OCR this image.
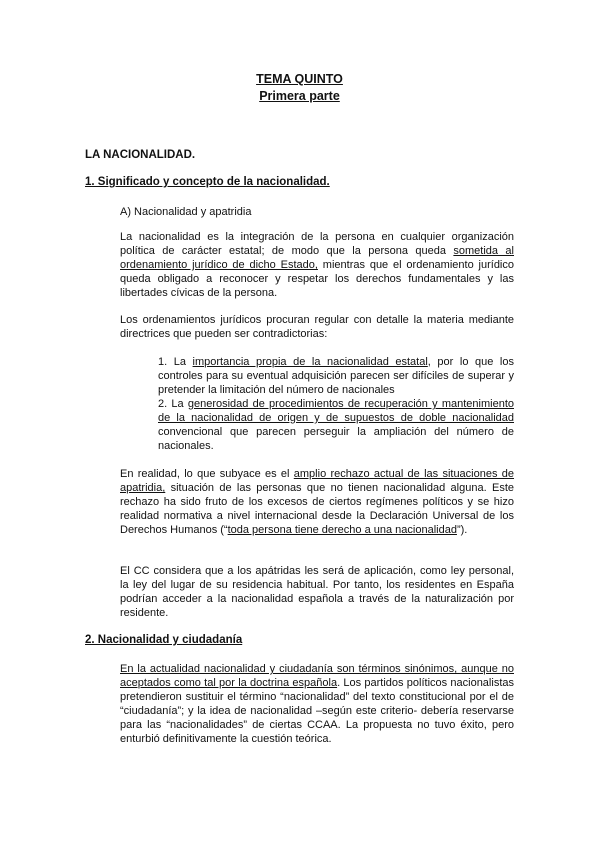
TEMA QUINTO
Primera parte
LA NACIONALIDAD.
1. Significado y concepto de la nacionalidad.
A) Nacionalidad y apatridia

La nacionalidad es la integración de la persona en cualquier organización política de carácter estatal; de modo que la persona queda sometida al ordenamiento jurídico de dicho Estado, mientras que el ordenamiento jurídico queda obligado a reconocer y respetar los derechos fundamentales y las libertades cívicas de la persona.

Los ordenamientos jurídicos procuran regular con detalle la materia mediante directrices que pueden ser contradictorias:

1. La importancia propia de la nacionalidad estatal, por lo que los controles para su eventual adquisición parecen ser difíciles de superar y pretender la limitación del número de nacionales

2. La generosidad de procedimientos de recuperación y mantenimiento de la nacionalidad de origen y de supuestos de doble nacionalidad convencional que parecen perseguir la ampliación del número de nacionales.

En realidad, lo que subyace es el amplio rechazo actual de las situaciones de apatridia, situación de las personas que no tienen nacionalidad alguna. Este rechazo ha sido fruto de los excesos de ciertos regímenes políticos y se hizo realidad normativa a nivel internacional desde la Declaración Universal de los Derechos Humanos (“toda persona tiene derecho a una nacionalidad”).

El CC considera que a los apátridas les será de aplicación, como ley personal, la ley del lugar de su residencia habitual. Por tanto, los residentes en España podrían acceder a la nacionalidad española a través de la naturalización por residente.

2. Nacionalidad y ciudadanía

En la actualidad nacionalidad y ciudadanía son términos sinónimos, aunque no aceptados como tal por la doctrina española. Los partidos políticos nacionalistas pretendieron sustituir el término “nacionalidad” del texto constitucional por el de “ciudadanía”; y la idea de nacionalidad –según este criterio- debería reservarse para las “nacionalidades” de ciertas CCAA. La propuesta no tuvo éxito, pero enturbió definitivamente la cuestión teórica.
